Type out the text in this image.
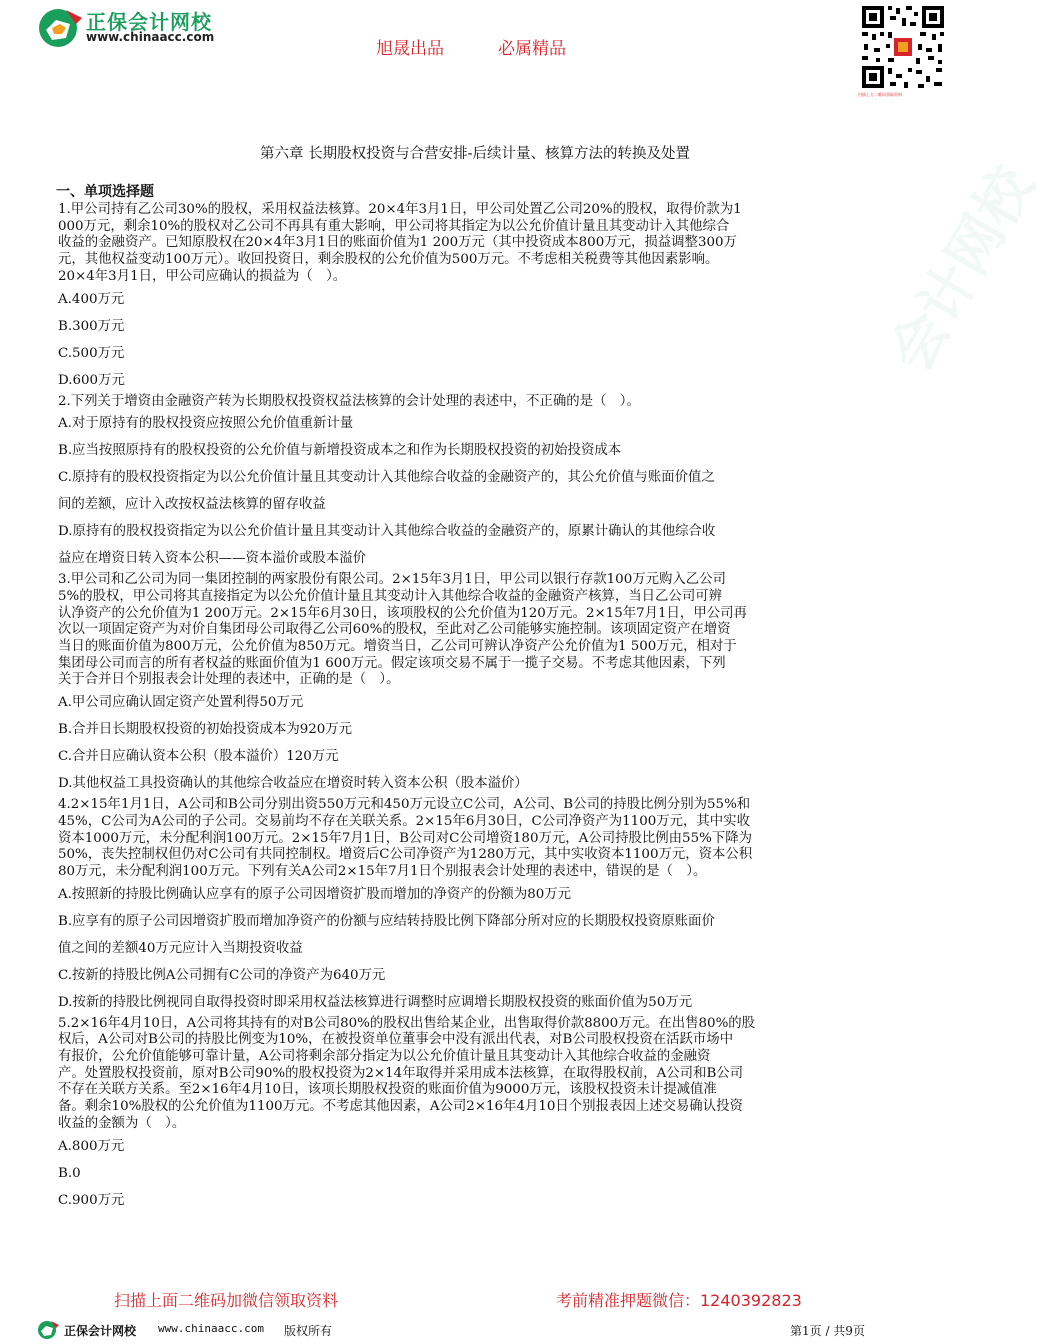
正保会计网校
www.chinaacc.com
旭晟出品	必属精品
扫描上方二维码领取资料
会计网校
第六章 长期股权投资与合营安排-后续计量、核算方法的转换及处置
一、单项选择题
1.甲公司持有乙公司30%的股权，采用权益法核算。20×4年3月1日，甲公司处置乙公司20%的股权，取得价款为1
000万元，剩余10%的股权对乙公司不再具有重大影响，甲公司将其指定为以公允价值计量且其变动计入其他综合
收益的金融资产。已知原股权在20×4年3月1日的账面价值为1 200万元（其中投资成本800万元，损益调整300万
元，其他权益变动100万元）。收回投资日，剩余股权的公允价值为500万元。不考虑相关税费等其他因素影响。
20×4年3月1日，甲公司应确认的损益为（　）。
A.400万元
B.300万元
C.500万元
D.600万元
2.下列关于增资由金融资产转为长期股权投资权益法核算的会计处理的表述中，不正确的是（　）。
A.对于原持有的股权投资应按照公允价值重新计量
B.应当按照原持有的股权投资的公允价值与新增投资成本之和作为长期股权投资的初始投资成本
C.原持有的股权投资指定为以公允价值计量且其变动计入其他综合收益的金融资产的，其公允价值与账面价值之
间的差额，应计入改按权益法核算的留存收益
D.原持有的股权投资指定为以公允价值计量且其变动计入其他综合收益的金融资产的，原累计确认的其他综合收
益应在增资日转入资本公积——资本溢价或股本溢价
3.甲公司和乙公司为同一集团控制的两家股份有限公司。2×15年3月1日，甲公司以银行存款100万元购入乙公司
5%的股权，甲公司将其直接指定为以公允价值计量且其变动计入其他综合收益的金融资产核算，当日乙公司可辨
认净资产的公允价值为1 200万元。2×15年6月30日，该项股权的公允价值为120万元。2×15年7月1日，甲公司再
次以一项固定资产为对价自集团母公司取得乙公司60%的股权，至此对乙公司能够实施控制。该项固定资产在增资
当日的账面价值为800万元，公允价值为850万元。增资当日，乙公司可辨认净资产公允价值为1 500万元，相对于
集团母公司而言的所有者权益的账面价值为1 600万元。假定该项交易不属于一揽子交易。不考虑其他因素，下列
关于合并日个别报表会计处理的表述中，正确的是（　）。
A.甲公司应确认固定资产处置利得50万元
B.合并日长期股权投资的初始投资成本为920万元
C.合并日应确认资本公积（股本溢价）120万元
D.其他权益工具投资确认的其他综合收益应在增资时转入资本公积（股本溢价）
4.2×15年1月1日，A公司和B公司分别出资550万元和450万元设立C公司，A公司、B公司的持股比例分别为55%和
45%，C公司为A公司的子公司。交易前均不存在关联关系。2×15年6月30日，C公司净资产为1100万元，其中实收
资本1000万元，未分配利润100万元。2×15年7月1日，B公司对C公司增资180万元，A公司持股比例由55%下降为
50%，丧失控制权但仍对C公司有共同控制权。增资后C公司净资产为1280万元，其中实收资本1100万元，资本公积
80万元，未分配利润100万元。下列有关A公司2×15年7月1日个别报表会计处理的表述中，错误的是（　）。
A.按照新的持股比例确认应享有的原子公司因增资扩股而增加的净资产的份额为80万元
B.应享有的原子公司因增资扩股而增加净资产的份额与应结转持股比例下降部分所对应的长期股权投资原账面价
值之间的差额40万元应计入当期投资收益
C.按新的持股比例A公司拥有C公司的净资产为640万元
D.按新的持股比例视同自取得投资时即采用权益法核算进行调整时应调增长期股权投资的账面价值为50万元
5.2×16年4月10日，A公司将其持有的对B公司80%的股权出售给某企业，出售取得价款8800万元。在出售80%的股
权后，A公司对B公司的持股比例变为10%，在被投资单位董事会中没有派出代表，对B公司股权投资在活跃市场中
有报价，公允价值能够可靠计量，A公司将剩余部分指定为以公允价值计量且其变动计入其他综合收益的金融资
产。处置股权投资前，原对B公司90%的股权投资为2×14年取得并采用成本法核算，在取得股权前，A公司和B公司
不存在关联方关系。至2×16年4月10日，该项长期股权投资的账面价值为9000万元，该股权投资未计提减值准
备。剩余10%股权的公允价值为1100万元。不考虑其他因素，A公司2×16年4月10日个别报表因上述交易确认投资
收益的金额为（　）。
A.800万元
B.0
C.900万元
扫描上面二维码加微信领取资料	考前精准押题微信：1240392823
正保会计网校 www.chinaacc.com 版权所有	第1页 / 共9页
